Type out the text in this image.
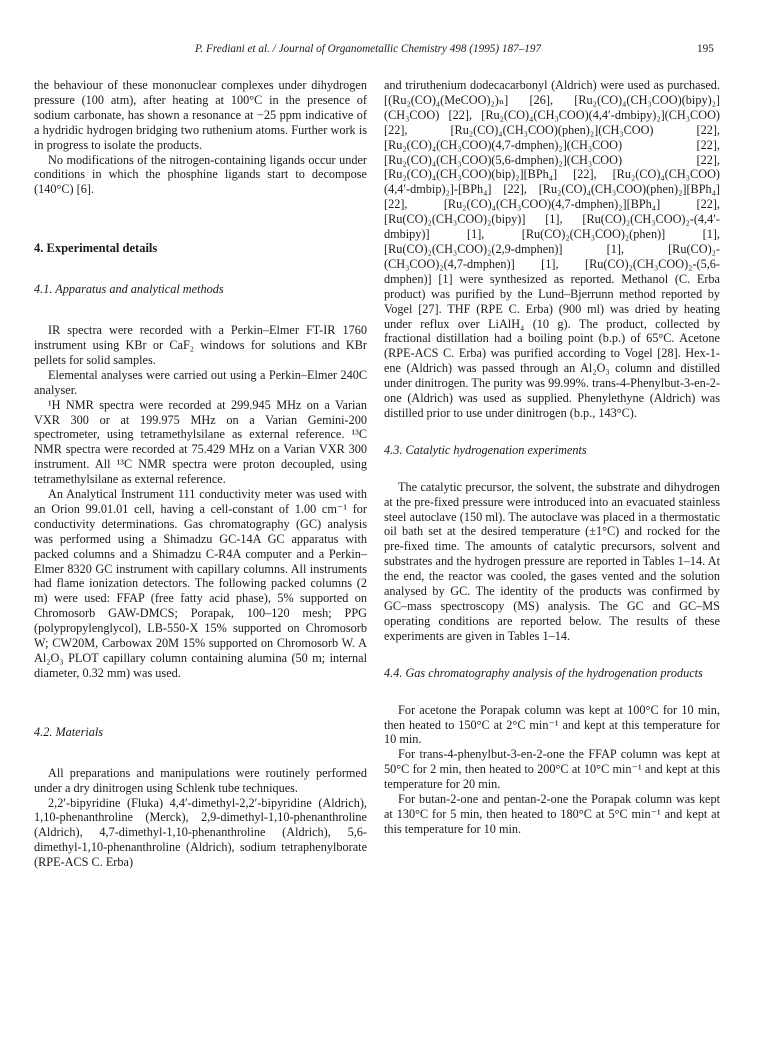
P. Frediani et al. / Journal of Organometallic Chemistry 498 (1995) 187–197	195

the behaviour of these mononuclear complexes under dihydrogen pressure (100 atm), after heating at 100°C in the presence of sodium carbonate, has shown a resonance at −25 ppm indicative of a hydridic hydrogen bridging two ruthenium atoms. Further work is in progress to isolate the products.

No modifications of the nitrogen-containing ligands occur under conditions in which the phosphine ligands start to decompose (140°C) [6].

4. Experimental details

4.1. Apparatus and analytical methods

IR spectra were recorded with a Perkin–Elmer FT-IR 1760 instrument using KBr or CaF₂ windows for solutions and KBr pellets for solid samples.

Elemental analyses were carried out using a Perkin–Elmer 240C analyser.

¹H NMR spectra were recorded at 299.945 MHz on a Varian VXR 300 or at 199.975 MHz on a Varian Gemini-200 spectrometer, using tetramethylsilane as external reference. ¹³C NMR spectra were recorded at 75.429 MHz on a Varian VXR 300 instrument. All ¹³C NMR spectra were proton decoupled, using tetramethylsilane as external reference.

An Analytical Instrument 111 conductivity meter was used with an Orion 99.01.01 cell, having a cell-constant of 1.00 cm⁻¹ for conductivity determinations. Gas chromatography (GC) analysis was performed using a Shimadzu GC-14A GC apparatus with packed columns and a Shimadzu C-R4A computer and a Perkin–Elmer 8320 GC instrument with capillary columns. All instruments had flame ionization detectors. The following packed columns (2 m) were used: FFAP (free fatty acid phase), 5% supported on Chromosorb GAW-DMCS; Porapak, 100–120 mesh; PPG (polypropylenglycol), LB-550-X 15% supported on Chromosorb W; CW20M, Carbowax 20M 15% supported on Chromosorb W. A Al₂O₃ PLOT capillary column containing alumina (50 m; internal diameter, 0.32 mm) was used.

4.2. Materials

All preparations and manipulations were routinely performed under a dry dinitrogen using Schlenk tube techniques.

2,2′-bipyridine (Fluka) 4,4′-dimethyl-2,2′-bipyridine (Aldrich), 1,10-phenanthroline (Merck), 2,9-dimethyl-1,10-phenanthroline (Aldrich), 4,7-dimethyl-1,10-phenanthroline (Aldrich), 5,6-dimethyl-1,10-phenanthroline (Aldrich), sodium tetraphenylborate (RPE-ACS C. Erba)

and triruthenium dodecacarbonyl (Aldrich) were used as purchased. [(Ru₂(CO)₄(MeCOO)₂)ₙ] [26], [Ru₂(CO)₄(CH₃COO)(bipy)₂](CH₃COO) [22], [Ru₂(CO)₄(CH₃COO)(4,4′-dmbipy)₂](CH₃COO) [22], [Ru₂(CO)₄(CH₃COO)(phen)₂](CH₃COO) [22], [Ru₂(CO)₄(CH₃COO)(4,7-dmphen)₂](CH₃COO) [22], [Ru₂(CO)₄(CH₃COO)(5,6-dmphen)₂](CH₃COO) [22], [Ru₂(CO)₄(CH₃COO)(bip)₂][BPh₄] [22], [Ru₂(CO)₄(CH₃COO)(4,4′-dmbip)₂]-[BPh₄] [22], [Ru₂(CO)₄(CH₃COO)(phen)₂][BPh₄] [22], [Ru₂(CO)₄(CH₃COO)(4,7-dmphen)₂][BPh₄] [22], [Ru(CO)₂(CH₃COO)₂(bipy)] [1], [Ru(CO)₂(CH₃COO)₂-(4,4′-dmbipy)] [1], [Ru(CO)₂(CH₃COO)₂(phen)] [1], [Ru(CO)₂(CH₃COO)₂(2,9-dmphen)] [1], [Ru(CO)₂-(CH₃COO)₂(4,7-dmphen)] [1], [Ru(CO)₂(CH₃COO)₂-(5,6-dmphen)] [1] were synthesized as reported. Methanol (C. Erba product) was purified by the Lund–Bjerrunn method reported by Vogel [27]. THF (RPE C. Erba) (900 ml) was dried by heating under reflux over LiAlH₄ (10 g). The product, collected by fractional distillation had a boiling point (b.p.) of 65°C. Acetone (RPE-ACS C. Erba) was purified according to Vogel [28]. Hex-1-ene (Aldrich) was passed through an Al₂O₃ column and distilled under dinitrogen. The purity was 99.99%. trans-4-Phenylbut-3-en-2-one (Aldrich) was used as supplied. Phenylethyne (Aldrich) was distilled prior to use under dinitrogen (b.p., 143°C).

4.3. Catalytic hydrogenation experiments

The catalytic precursor, the solvent, the substrate and dihydrogen at the pre-fixed pressure were introduced into an evacuated stainless steel autoclave (150 ml). The autoclave was placed in a thermostatic oil bath set at the desired temperature (±1°C) and rocked for the pre-fixed time. The amounts of catalytic precursors, solvent and substrates and the hydrogen pressure are reported in Tables 1–14. At the end, the reactor was cooled, the gases vented and the solution analysed by GC. The identity of the products was confirmed by GC–mass spectroscopy (MS) analysis. The GC and GC–MS operating conditions are reported below. The results of these experiments are given in Tables 1–14.

4.4. Gas chromatography analysis of the hydrogenation products

For acetone the Porapak column was kept at 100°C for 10 min, then heated to 150°C at 2°C min⁻¹ and kept at this temperature for 10 min.

For trans-4-phenylbut-3-en-2-one the FFAP column was kept at 50°C for 2 min, then heated to 200°C at 10°C min⁻¹ and kept at this temperature for 20 min.

For butan-2-one and pentan-2-one the Porapak column was kept at 130°C for 5 min, then heated to 180°C at 5°C min⁻¹ and kept at this temperature for 10 min.
